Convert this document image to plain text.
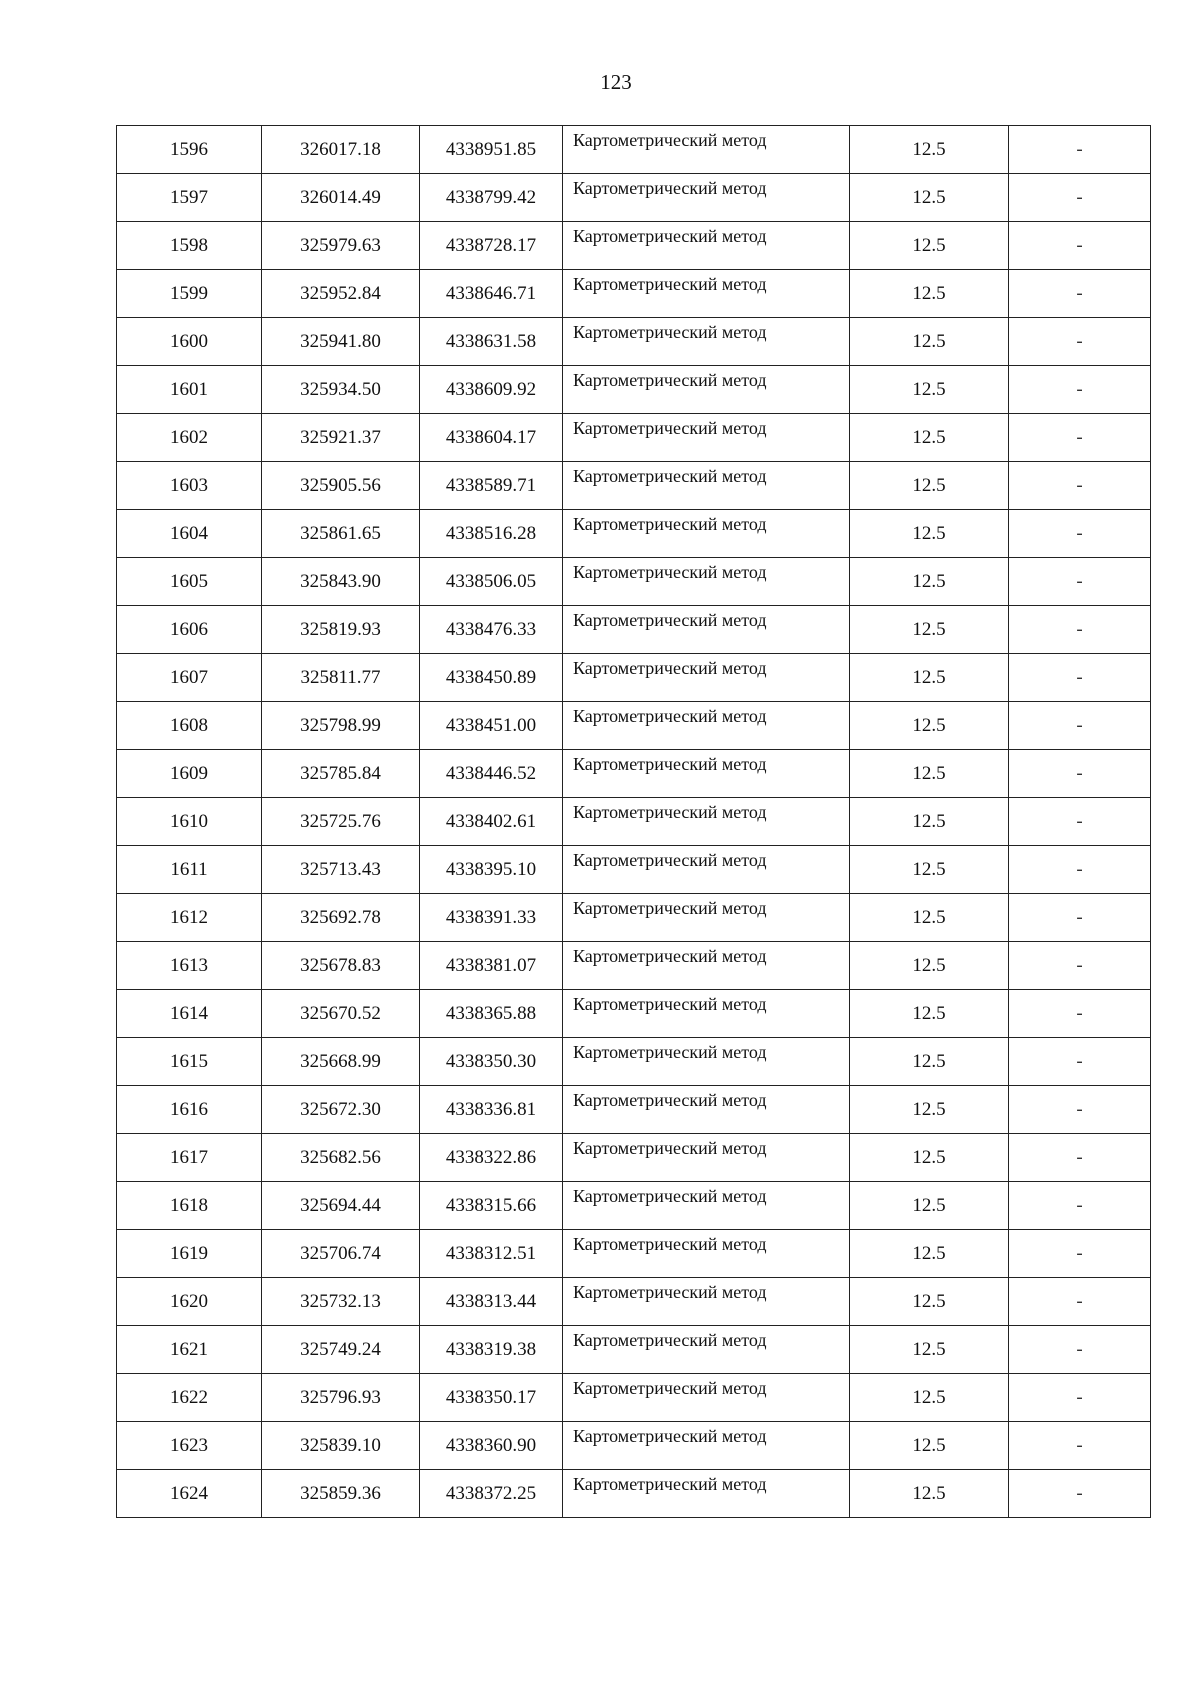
123
1596	326017.18	4338951.85	Картометрический метод	12.5	-
1597	326014.49	4338799.42	Картометрический метод	12.5	-
1598	325979.63	4338728.17	Картометрический метод	12.5	-
1599	325952.84	4338646.71	Картометрический метод	12.5	-
1600	325941.80	4338631.58	Картометрический метод	12.5	-
1601	325934.50	4338609.92	Картометрический метод	12.5	-
1602	325921.37	4338604.17	Картометрический метод	12.5	-
1603	325905.56	4338589.71	Картометрический метод	12.5	-
1604	325861.65	4338516.28	Картометрический метод	12.5	-
1605	325843.90	4338506.05	Картометрический метод	12.5	-
1606	325819.93	4338476.33	Картометрический метод	12.5	-
1607	325811.77	4338450.89	Картометрический метод	12.5	-
1608	325798.99	4338451.00	Картометрический метод	12.5	-
1609	325785.84	4338446.52	Картометрический метод	12.5	-
1610	325725.76	4338402.61	Картометрический метод	12.5	-
1611	325713.43	4338395.10	Картометрический метод	12.5	-
1612	325692.78	4338391.33	Картометрический метод	12.5	-
1613	325678.83	4338381.07	Картометрический метод	12.5	-
1614	325670.52	4338365.88	Картометрический метод	12.5	-
1615	325668.99	4338350.30	Картометрический метод	12.5	-
1616	325672.30	4338336.81	Картометрический метод	12.5	-
1617	325682.56	4338322.86	Картометрический метод	12.5	-
1618	325694.44	4338315.66	Картометрический метод	12.5	-
1619	325706.74	4338312.51	Картометрический метод	12.5	-
1620	325732.13	4338313.44	Картометрический метод	12.5	-
1621	325749.24	4338319.38	Картометрический метод	12.5	-
1622	325796.93	4338350.17	Картометрический метод	12.5	-
1623	325839.10	4338360.90	Картометрический метод	12.5	-
1624	325859.36	4338372.25	Картометрический метод	12.5	-
